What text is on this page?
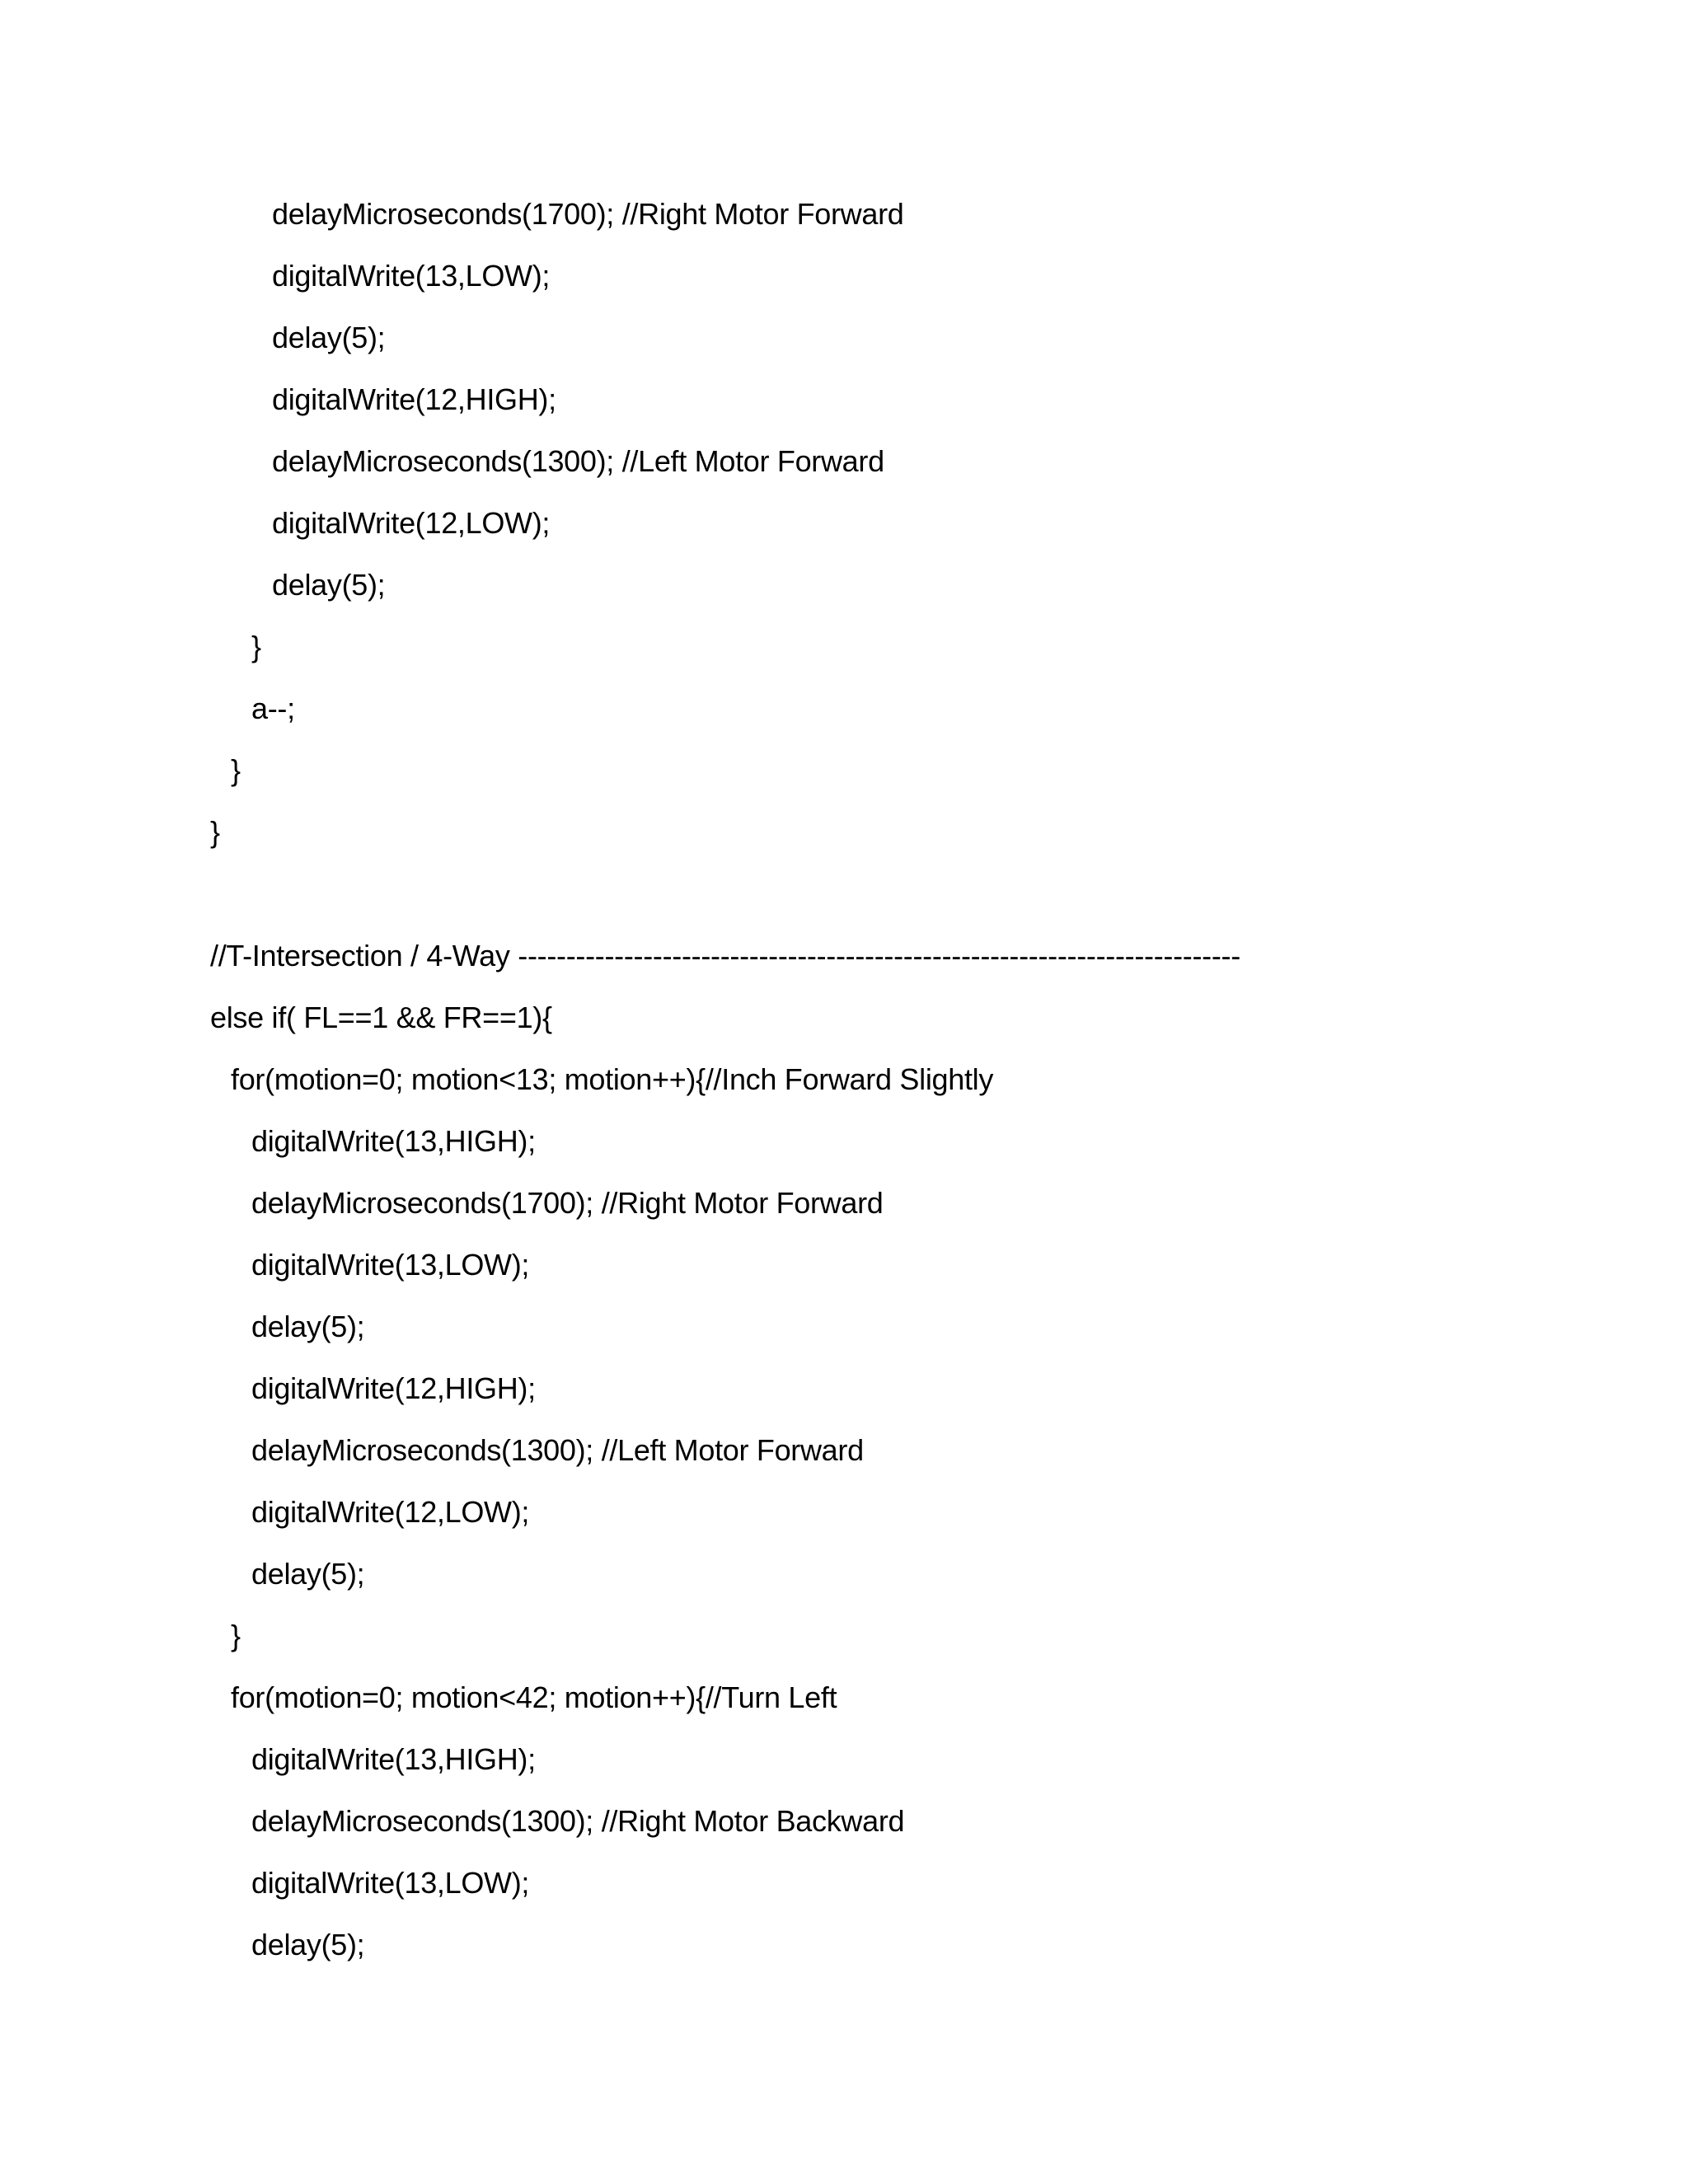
delayMicroseconds(1700); //Right Motor Forward
digitalWrite(13,LOW);
delay(5);
digitalWrite(12,HIGH);
delayMicroseconds(1300); //Left Motor Forward
digitalWrite(12,LOW);
delay(5);
}
a--;
}
}
//T-Intersection / 4-Way ---------------------------------------------------------------------------
else if( FL==1 && FR==1){
for(motion=0; motion<13; motion++){//Inch Forward Slightly
digitalWrite(13,HIGH);
delayMicroseconds(1700); //Right Motor Forward
digitalWrite(13,LOW);
delay(5);
digitalWrite(12,HIGH);
delayMicroseconds(1300); //Left Motor Forward
digitalWrite(12,LOW);
delay(5);
}
for(motion=0; motion<42; motion++){//Turn Left
digitalWrite(13,HIGH);
delayMicroseconds(1300); //Right Motor Backward
digitalWrite(13,LOW);
delay(5);
